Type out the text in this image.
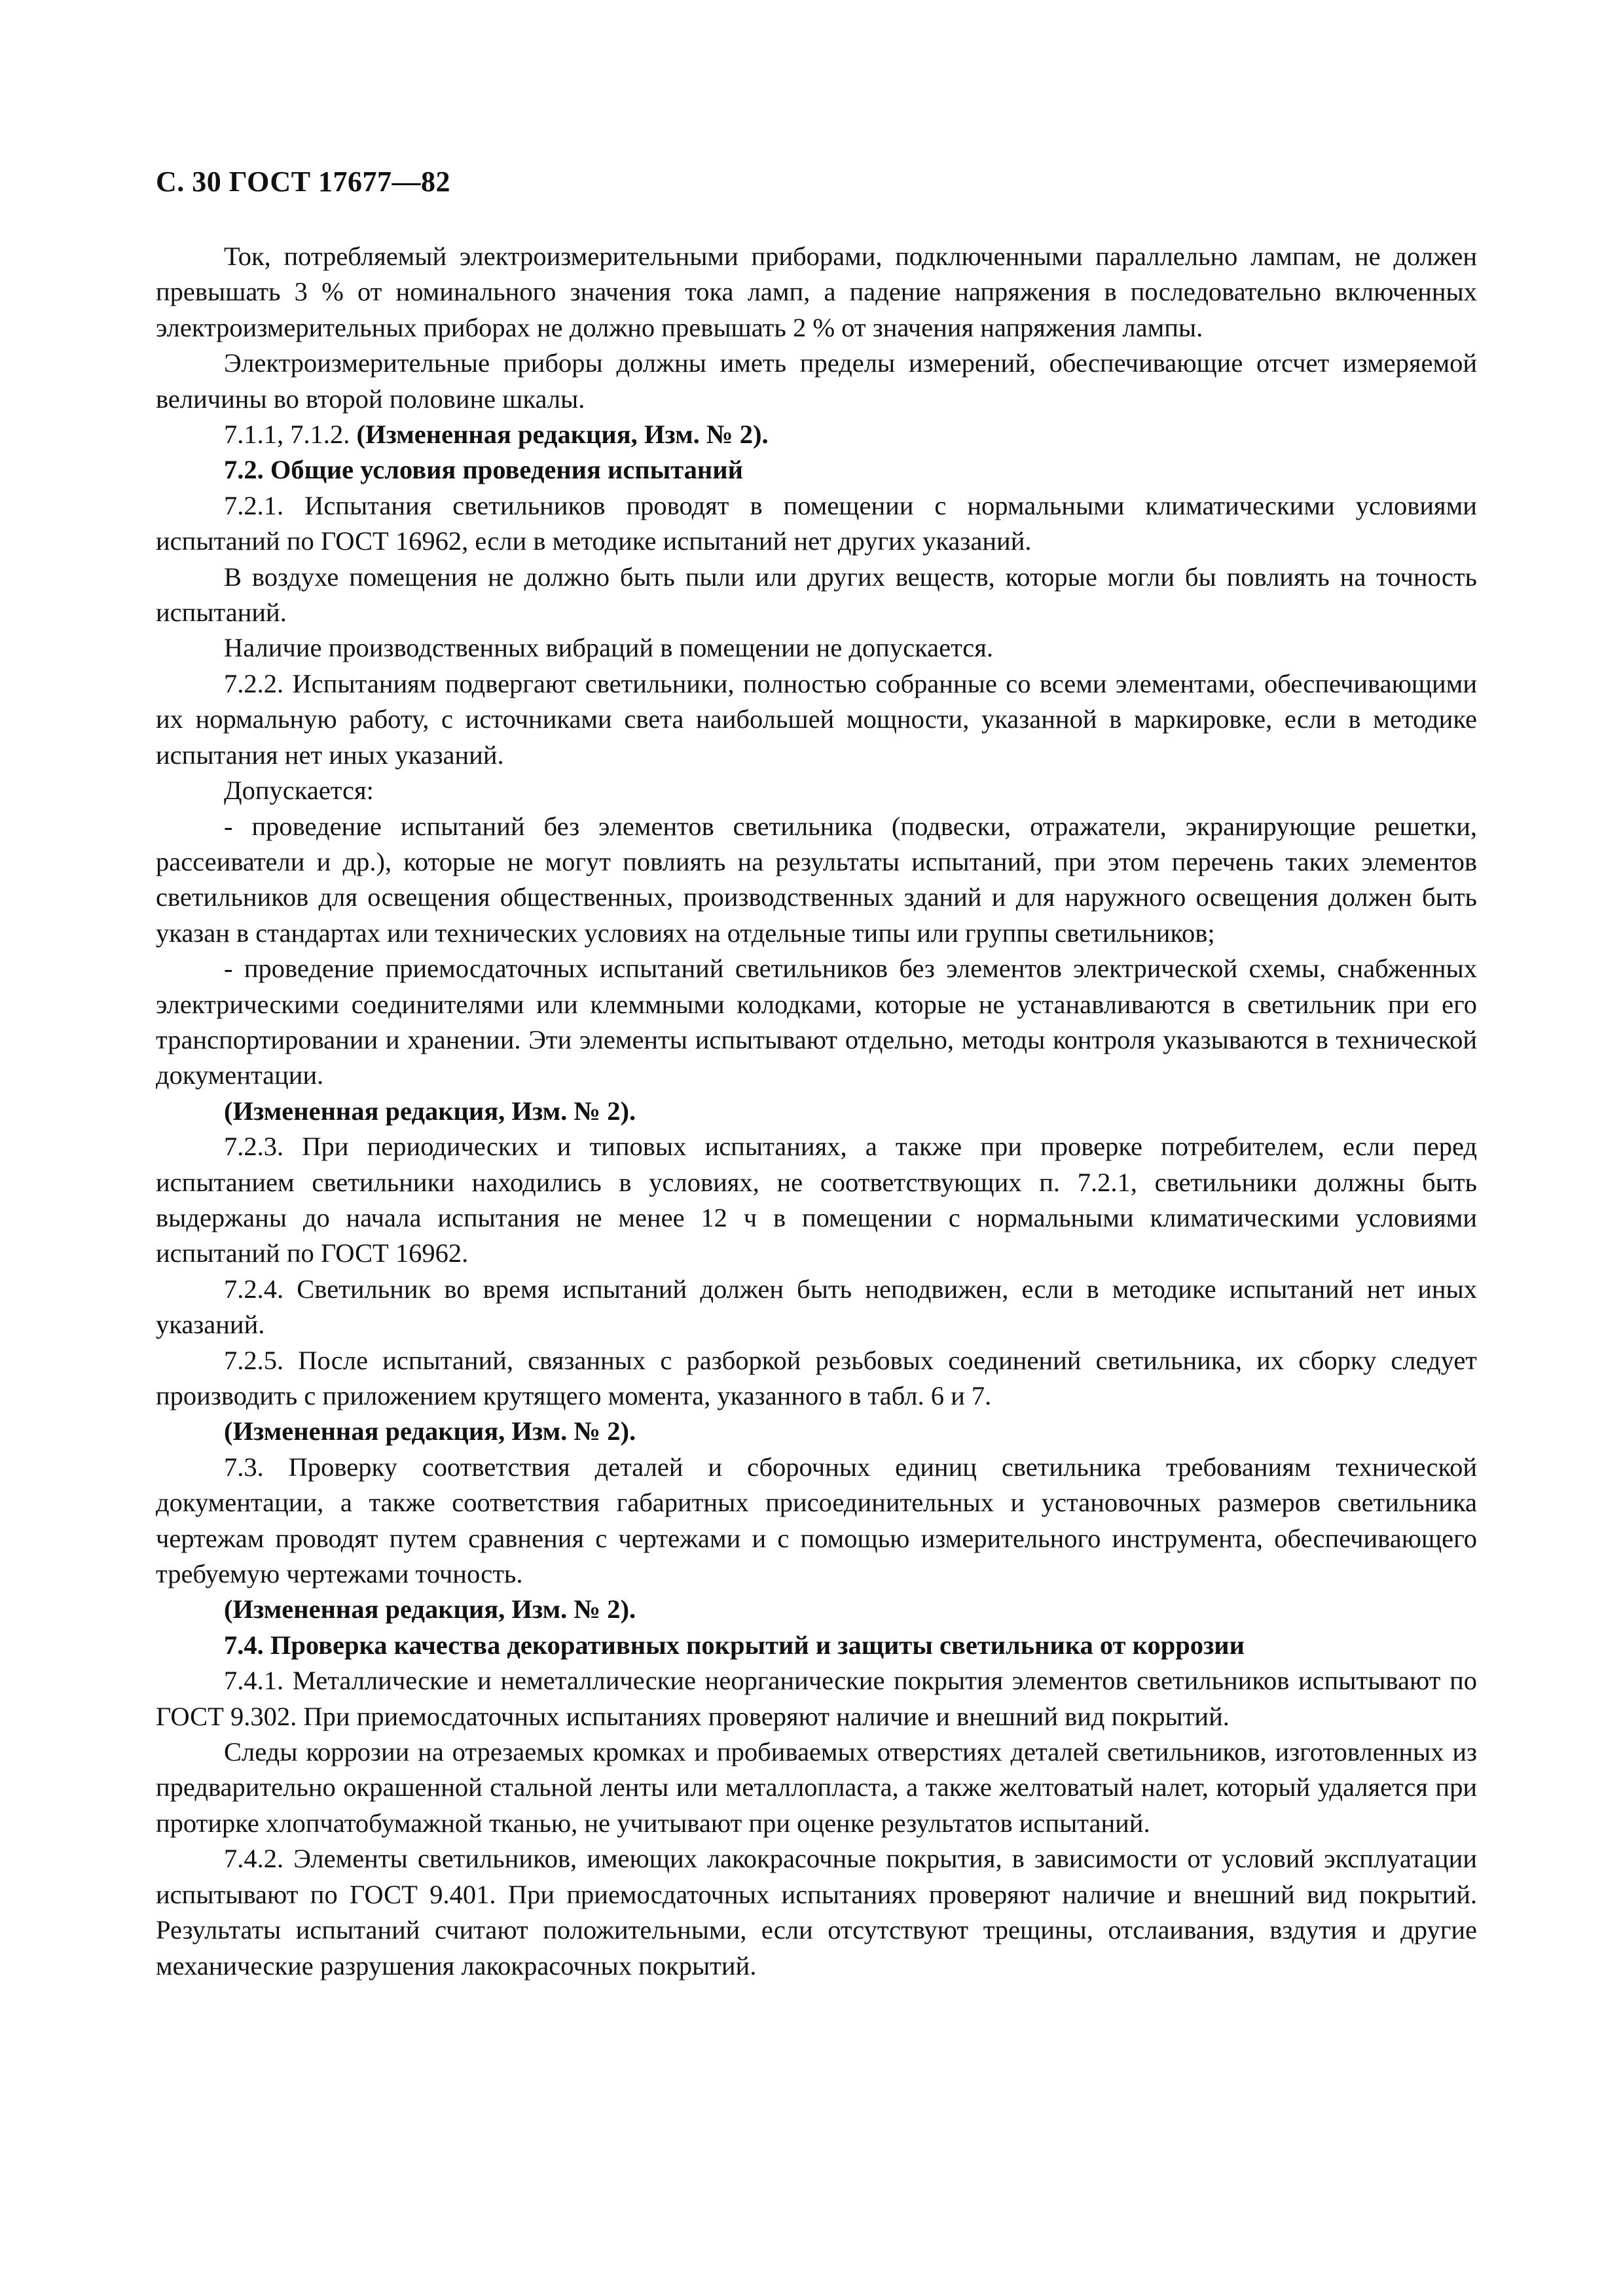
С. 30 ГОСТ 17677—82

Ток, потребляемый электроизмерительными приборами, подключенными параллельно лампам, не должен превышать 3 % от номинального значения тока ламп, а падение напряжения в последовательно включенных электроизмерительных приборах не должно превышать 2 % от значения напряжения лампы.

Электроизмерительные приборы должны иметь пределы измерений, обеспечивающие отсчет измеряемой величины во второй половине шкалы.

7.1.1, 7.1.2. (Измененная редакция, Изм. № 2).

7.2. Общие условия проведения испытаний

7.2.1. Испытания светильников проводят в помещении с нормальными климатическими условиями испытаний по ГОСТ 16962, если в методике испытаний нет других указаний.

В воздухе помещения не должно быть пыли или других веществ, которые могли бы повлиять на точность испытаний.

Наличие производственных вибраций в помещении не допускается.

7.2.2. Испытаниям подвергают светильники, полностью собранные со всеми элементами, обеспечивающими их нормальную работу, с источниками света наибольшей мощности, указанной в маркировке, если в методике испытания нет иных указаний.

Допускается:

- проведение испытаний без элементов светильника (подвески, отражатели, экранирующие решетки, рассеиватели и др.), которые не могут повлиять на результаты испытаний, при этом перечень таких элементов светильников для освещения общественных, производственных зданий и для наружного освещения должен быть указан в стандартах или технических условиях на отдельные типы или группы светильников;

- проведение приемосдаточных испытаний светильников без элементов электрической схемы, снабженных электрическими соединителями или клеммными колодками, которые не устанавливаются в светильник при его транспортировании и хранении. Эти элементы испытывают отдельно, методы контроля указываются в технической документации.

(Измененная редакция, Изм. № 2).

7.2.3. При периодических и типовых испытаниях, а также при проверке потребителем, если перед испытанием светильники находились в условиях, не соответствующих п. 7.2.1, светильники должны быть выдержаны до начала испытания не менее 12 ч в помещении с нормальными климатическими условиями испытаний по ГОСТ 16962.

7.2.4. Светильник во время испытаний должен быть неподвижен, если в методике испытаний нет иных указаний.

7.2.5. После испытаний, связанных с разборкой резьбовых соединений светильника, их сборку следует производить с приложением крутящего момента, указанного в табл. 6 и 7.

(Измененная редакция, Изм. № 2).

7.3. Проверку соответствия деталей и сборочных единиц светильника требованиям технической документации, а также соответствия габаритных присоединительных и установочных размеров светильника чертежам проводят путем сравнения с чертежами и с помощью измерительного инструмента, обеспечивающего требуемую чертежами точность.

(Измененная редакция, Изм. № 2).

7.4. Проверка качества декоративных покрытий и защиты светильника от коррозии

7.4.1. Металлические и неметаллические неорганические покрытия элементов светильников испытывают по ГОСТ 9.302. При приемосдаточных испытаниях проверяют наличие и внешний вид покрытий.

Следы коррозии на отрезаемых кромках и пробиваемых отверстиях деталей светильников, изготовленных из предварительно окрашенной стальной ленты или металлопласта, а также желтоватый налет, который удаляется при протирке хлопчатобумажной тканью, не учитывают при оценке результатов испытаний.

7.4.2. Элементы светильников, имеющих лакокрасочные покрытия, в зависимости от условий эксплуатации испытывают по ГОСТ 9.401. При приемосдаточных испытаниях проверяют наличие и внешний вид покрытий. Результаты испытаний считают положительными, если отсутствуют трещины, отслаивания, вздутия и другие механические разрушения лакокрасочных покрытий.
